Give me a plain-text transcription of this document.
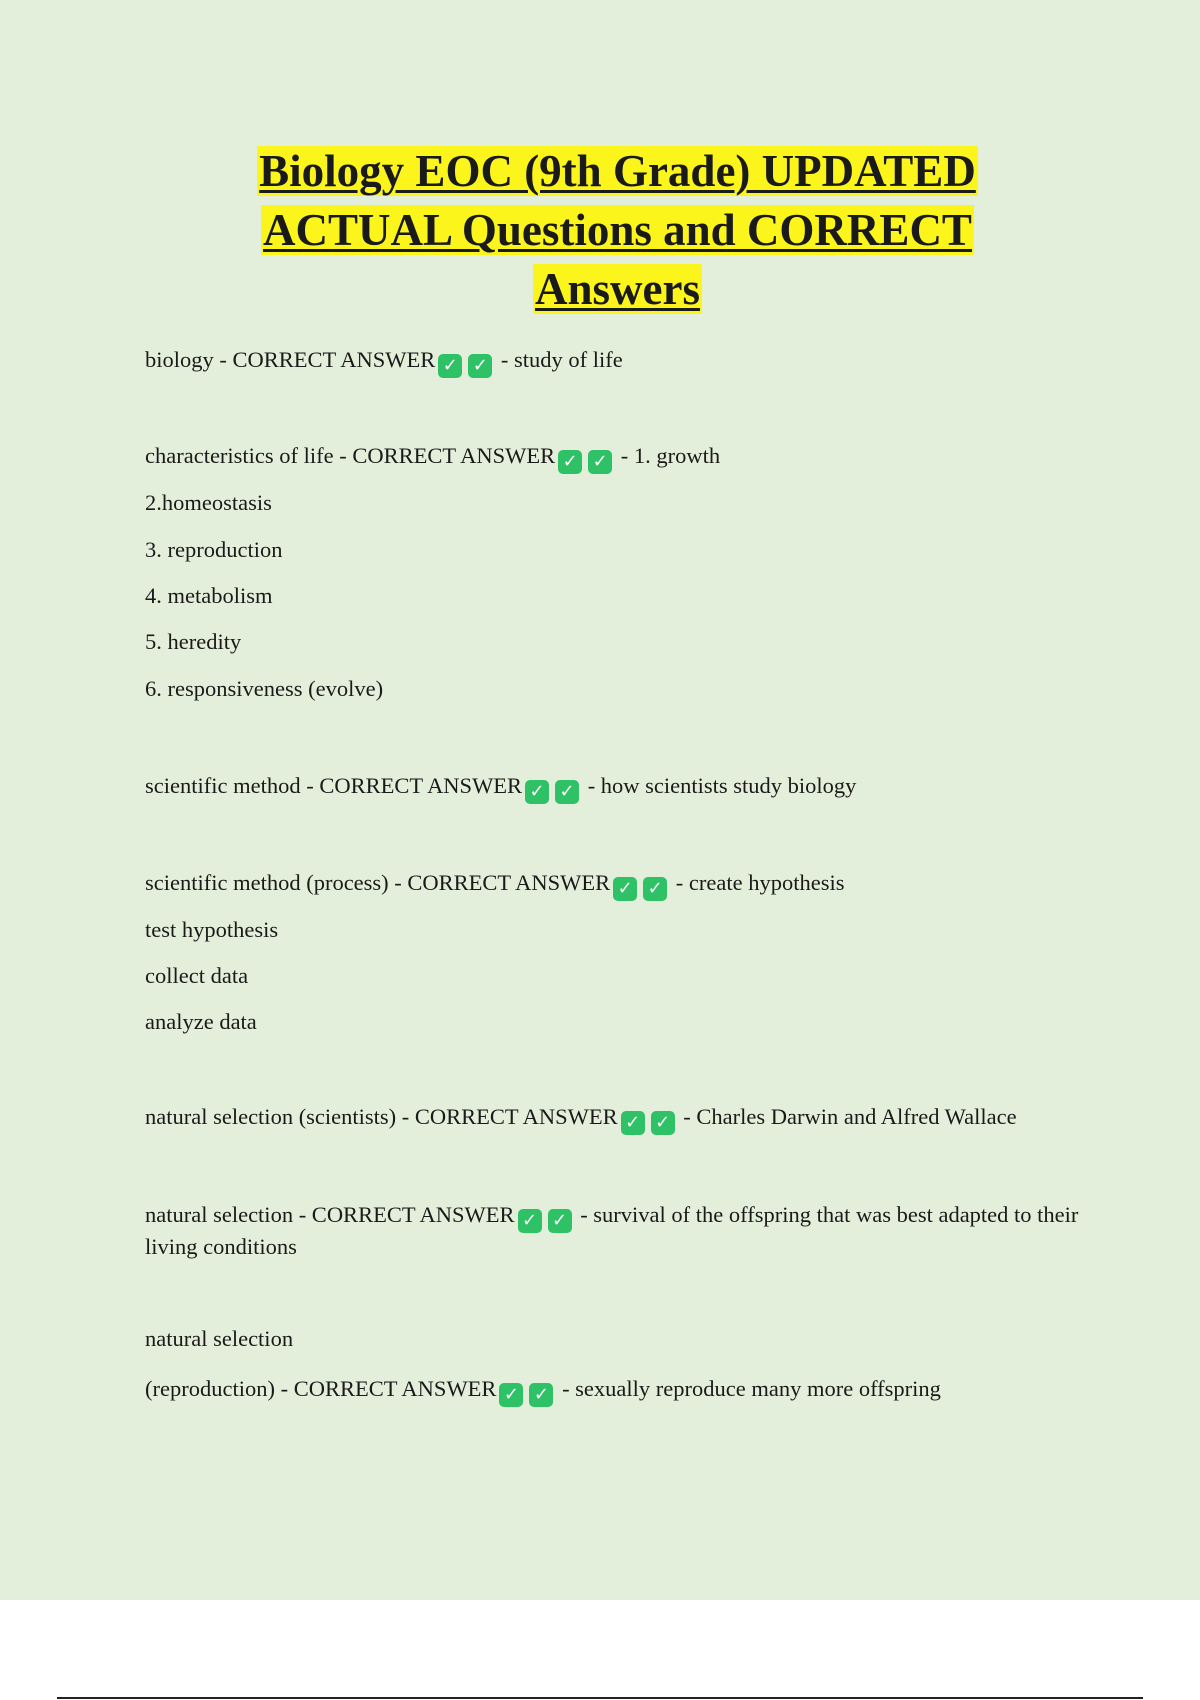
Biology EOC (9th Grade) UPDATED

ACTUAL Questions and CORRECT

Answers

biology - CORRECT ANSWER ✓ ✓ - study of life
characteristics of life - CORRECT ANSWER ✓ ✓ - 1. growth
2.homeostasis
3. reproduction
4. metabolism
5. heredity
6. responsiveness (evolve)
scientific method - CORRECT ANSWER ✓ ✓ - how scientists study biology
scientific method (process) - CORRECT ANSWER ✓ ✓ - create hypothesis
test hypothesis
collect data
analyze data
natural selection (scientists) - CORRECT ANSWER ✓ ✓ - Charles Darwin and Alfred Wallace
natural selection - CORRECT ANSWER ✓ ✓ - survival of the offspring that was best adapted to their living conditions
natural selection
(reproduction) - CORRECT ANSWER ✓ ✓ - sexually reproduce many more offspring
